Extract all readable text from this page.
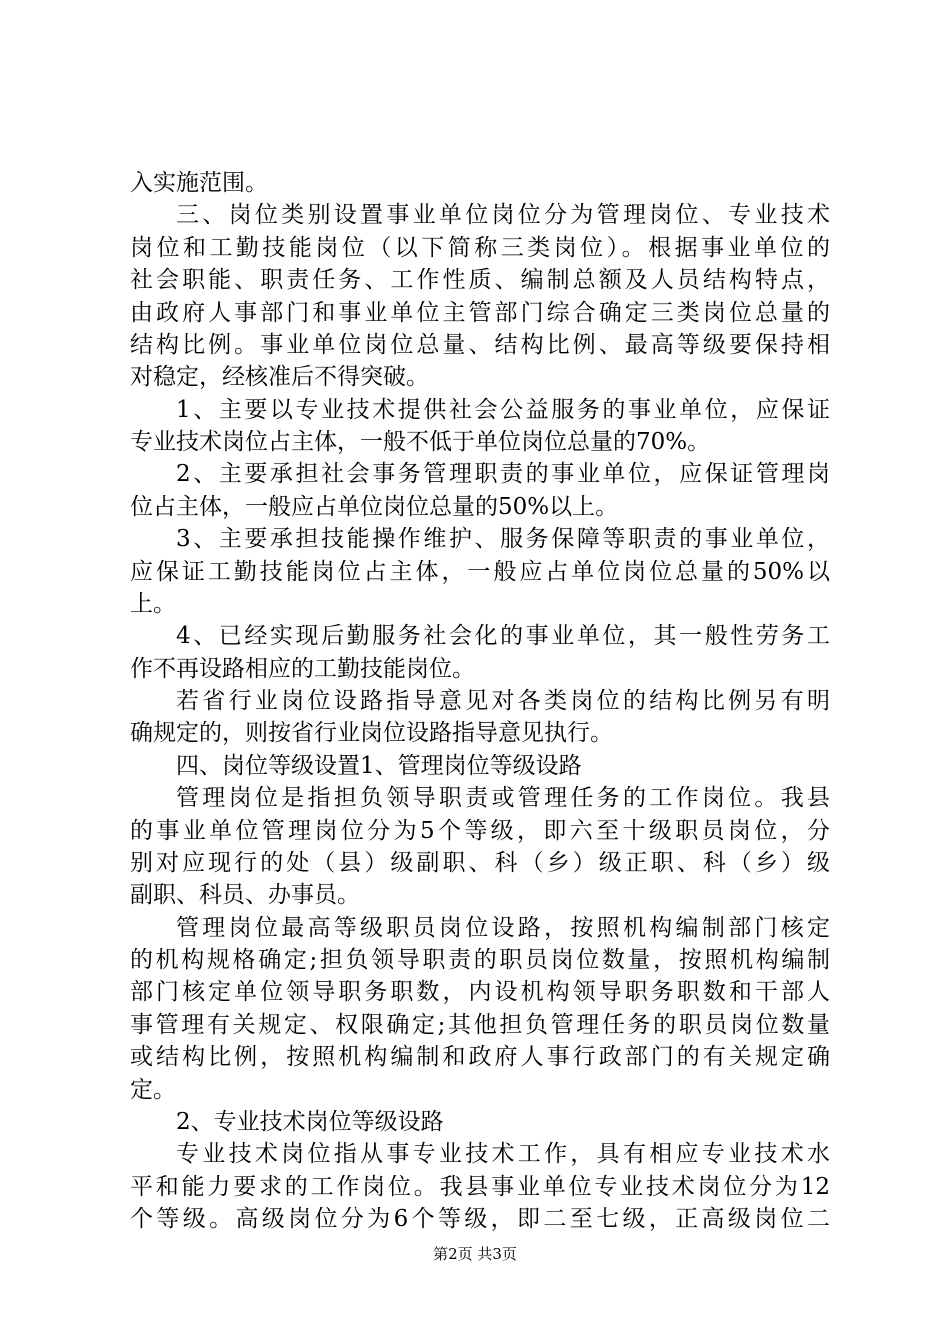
入实施范围。
三、岗位类别设置事业单位岗位分为管理岗位、专业技术
岗位和工勤技能岗位（以下简称三类岗位）。根据事业单位的
社会职能、职责任务、工作性质、编制总额及人员结构特点，
由政府人事部门和事业单位主管部门综合确定三类岗位总量的
结构比例。事业单位岗位总量、结构比例、最高等级要保持相
对稳定，经核准后不得突破。
1、主要以专业技术提供社会公益服务的事业单位，应保证
专业技术岗位占主体，一般不低于单位岗位总量的70%。
2、主要承担社会事务管理职责的事业单位，应保证管理岗
位占主体，一般应占单位岗位总量的50%以上。
3、主要承担技能操作维护、服务保障等职责的事业单位，
应保证工勤技能岗位占主体，一般应占单位岗位总量的50%以
上。
4、已经实现后勤服务社会化的事业单位，其一般性劳务工
作不再设路相应的工勤技能岗位。
若省行业岗位设路指导意见对各类岗位的结构比例另有明
确规定的，则按省行业岗位设路指导意见执行。
四、岗位等级设置1、管理岗位等级设路
管理岗位是指担负领导职责或管理任务的工作岗位。我县
的事业单位管理岗位分为5个等级，即六至十级职员岗位，分
别对应现行的处（县）级副职、科（乡）级正职、科（乡）级
副职、科员、办事员。
管理岗位最高等级职员岗位设路，按照机构编制部门核定
的机构规格确定;担负领导职责的职员岗位数量，按照机构编制
部门核定单位领导职务职数，内设机构领导职务职数和干部人
事管理有关规定、权限确定;其他担负管理任务的职员岗位数量
或结构比例，按照机构编制和政府人事行政部门的有关规定确
定。
2、专业技术岗位等级设路
专业技术岗位指从事专业技术工作，具有相应专业技术水
平和能力要求的工作岗位。我县事业单位专业技术岗位分为12
个等级。高级岗位分为6个等级，即二至七级，正高级岗位二
第2页 共3页
